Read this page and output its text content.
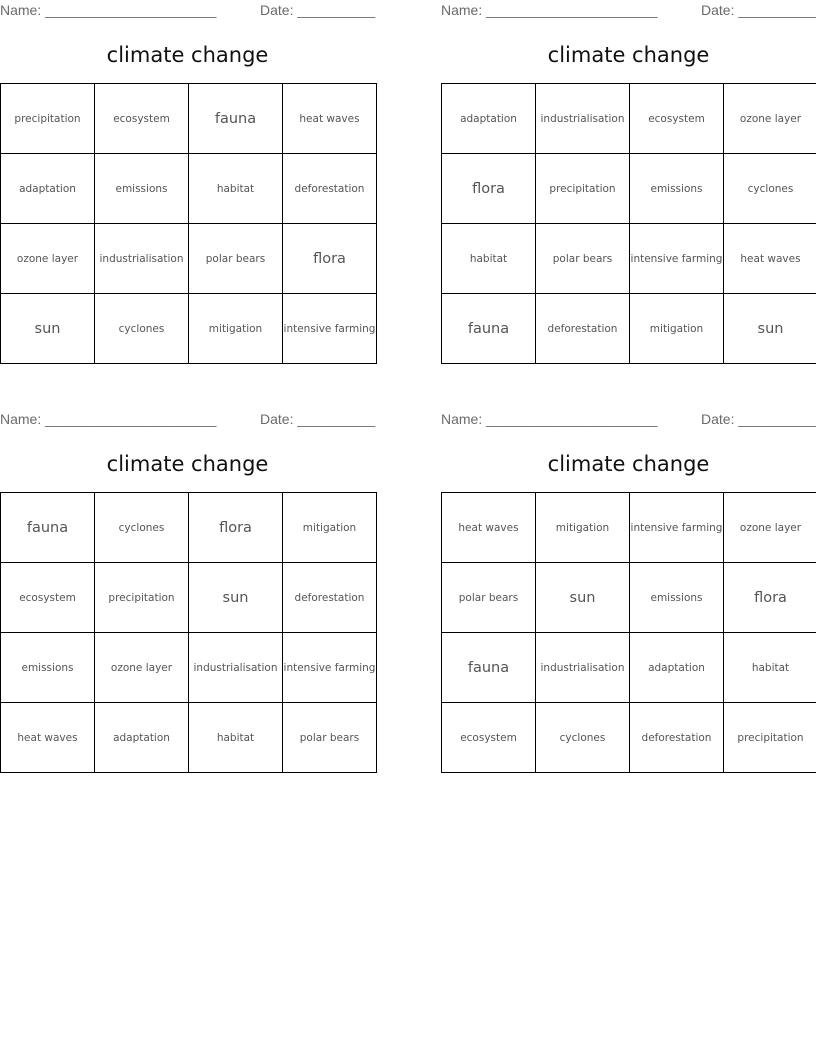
Name: ______________________	Date: __________
climate change
precipitation	ecosystem	fauna	heat waves
adaptation	emissions	habitat	deforestation
ozone layer	industrialisation	polar bears	flora
sun	cyclones	mitigation	intensive farming
Name: ______________________	Date: __________
climate change
adaptation	industrialisation	ecosystem	ozone layer
flora	precipitation	emissions	cyclones
habitat	polar bears	intensive farming	heat waves
fauna	deforestation	mitigation	sun
Name: ______________________	Date: __________
climate change
fauna	cyclones	flora	mitigation
ecosystem	precipitation	sun	deforestation
emissions	ozone layer	industrialisation	intensive farming
heat waves	adaptation	habitat	polar bears
Name: ______________________	Date: __________
climate change
heat waves	mitigation	intensive farming	ozone layer
polar bears	sun	emissions	flora
fauna	industrialisation	adaptation	habitat
ecosystem	cyclones	deforestation	precipitation
